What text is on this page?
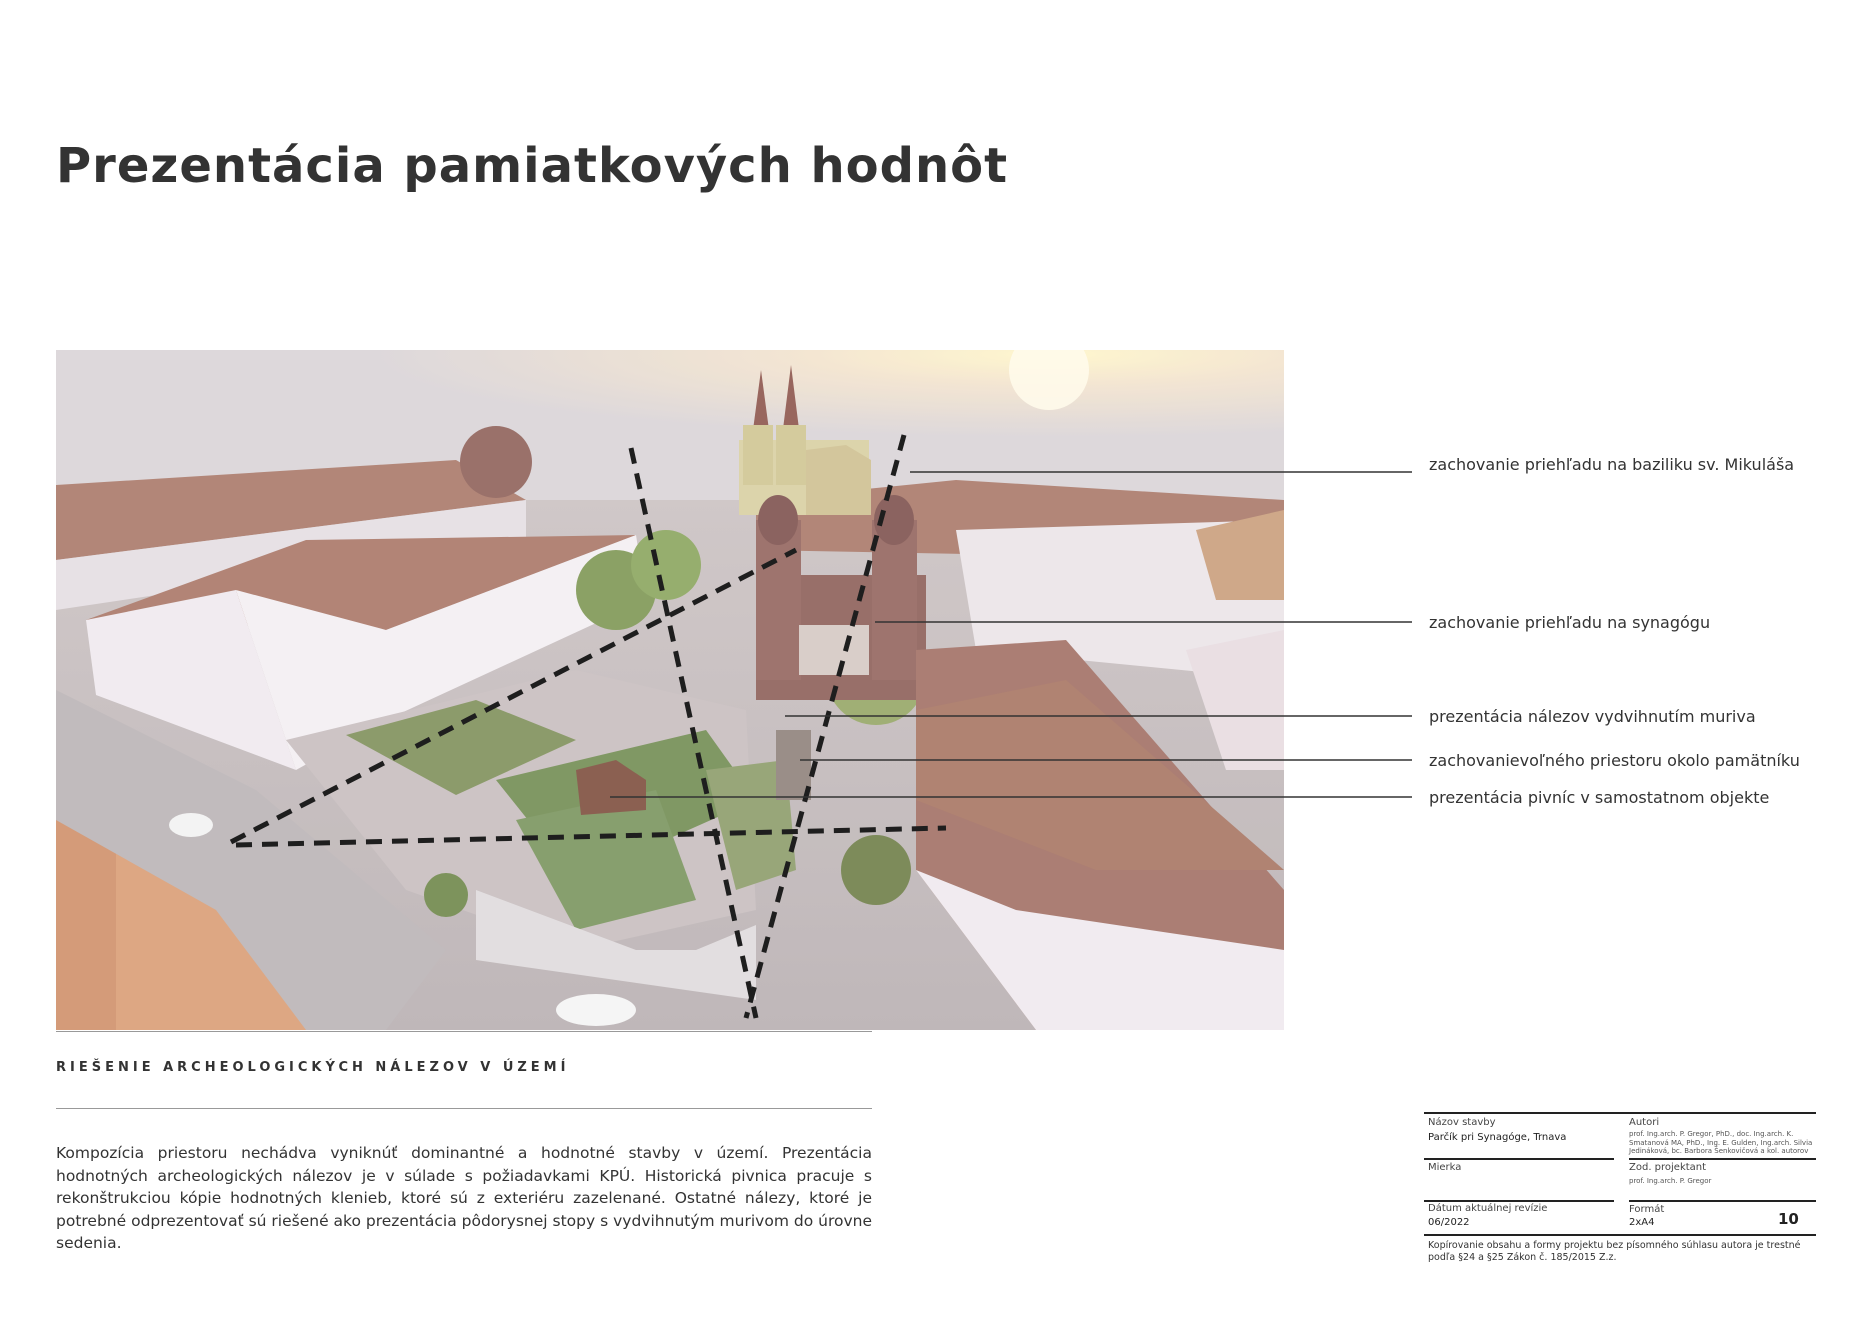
Prezentácia pamiatkových hodnôt
zachovanie priehľadu na baziliku sv. Mikuláša
zachovanie priehľadu na synagógu
prezentácia nálezov vydvihnutím muriva
zachovanievoľného priestoru okolo pamätníku
prezentácia pivníc v samostatnom objekte
RIEŠENIE ARCHEOLOGICKÝCH NÁLEZOV V ÚZEMÍ

Kompozícia priestoru nechádva vyniknúť dominantné a hodnotné stavby v území. Prezentácia hodnotných archeologických nálezov je v súlade s požiadavkami KPÚ. Historická pivnica pracuje s rekonštrukciou kópie hodnotných klenieb, ktoré sú z exteriéru zazelenané. Ostatné nálezy, ktoré je potrebné odprezentovať sú riešené ako prezentácia pôdorysnej stopy s vydvihnutým murivom do úrovne sedenia.

Názov stavby
Parčík pri Synagóge, Trnava
Autori
prof. Ing.arch. P. Gregor, PhD., doc. Ing.arch. K. Smatanová MA, PhD., Ing. E. Gulden, Ing.arch. Silvia Jedináková, bc. Barbora Šenkovičová a kol. autorov
Mierka	Zod. projektant
prof. Ing.arch. P. Gregor
Dátum aktuálnej revízie
06/2022
Formát
2xA4	10
Kopírovanie obsahu a formy projektu bez písomného súhlasu autora je trestné podľa §24 a §25 Zákon č. 185/2015 Z.z.
